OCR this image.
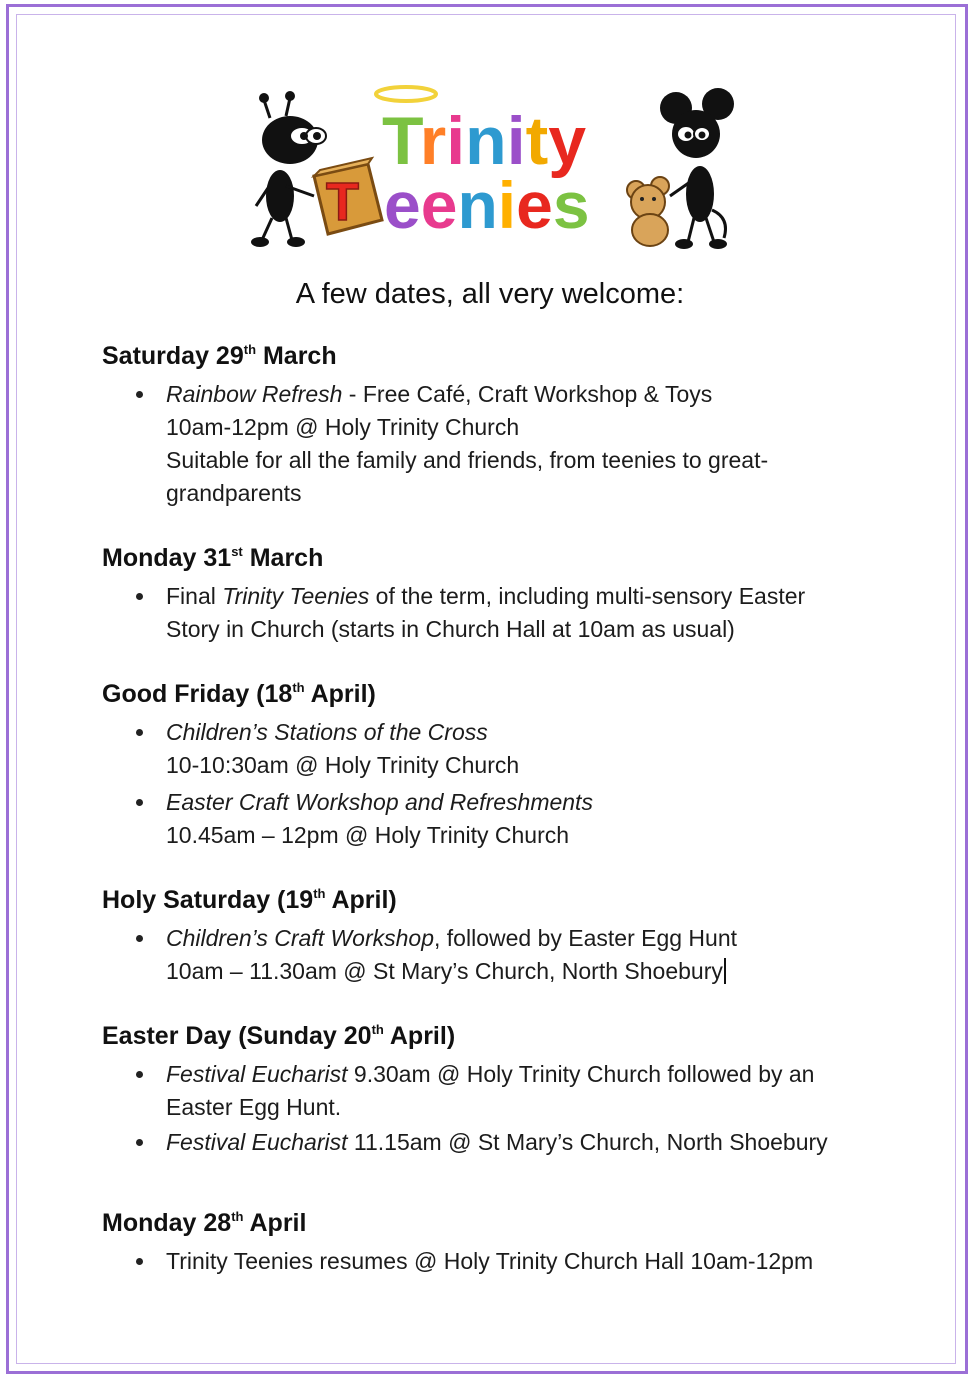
T
Trinity
eenies
A few dates, all very welcome:
Saturday 29th March
Rainbow Refresh - Free Café, Craft Workshop & Toys
10am-12pm @ Holy Trinity Church
Suitable for all the family and friends, from teenies to great-
grandparents
Monday 31st March
Final Trinity Teenies of the term, including multi-sensory Easter
Story in Church (starts in Church Hall at 10am as usual)
Good Friday (18th April)
Children’s Stations of the Cross
10-10:30am @ Holy Trinity Church
Easter Craft Workshop and Refreshments
10.45am – 12pm @ Holy Trinity Church
Holy Saturday (19th April)
Children’s Craft Workshop, followed by Easter Egg Hunt
10am – 11.30am @ St Mary’s Church, North Shoebury
Easter Day (Sunday 20th April)
Festival Eucharist 9.30am @ Holy Trinity Church followed by an
Easter Egg Hunt.
Festival Eucharist 11.15am @ St Mary’s Church, North Shoebury
Monday 28th April
Trinity Teenies resumes @ Holy Trinity Church Hall 10am-12pm
